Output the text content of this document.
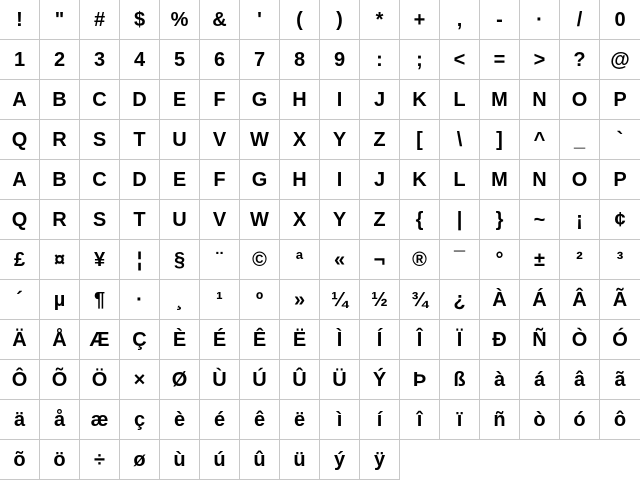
! " # $ % & ' ( ) * + , - · / 0
1 2 3 4 5 6 7 8 9 : ; < = > ? @
A B C D E F G H I J K L M N O P
Q R S T U V W X Y Z [ \ ] ^ _ `
A B C D E F G H I J K L M N O P
Q R S T U V W X Y Z { | } ~ ¡ ¢
£ ¤ ¥ ¦ § ¨ © ª « ¬ ® ¯ ° ± ² ³
´ µ ¶ · ¸ ¹ º » ¼ ½ ¾ ¿ À Á Â Ã
Ä Å Æ Ç È É Ê Ë Ì Í Î Ï Ð Ñ Ò Ó
Ô Õ Ö × Ø Ù Ú Û Ü Ý Þ ß à á â ã
ä å æ ç è é ê ë ì í î ï ñ ò ó ô
õ ö ÷ ø ù ú û ü ý ÿ
